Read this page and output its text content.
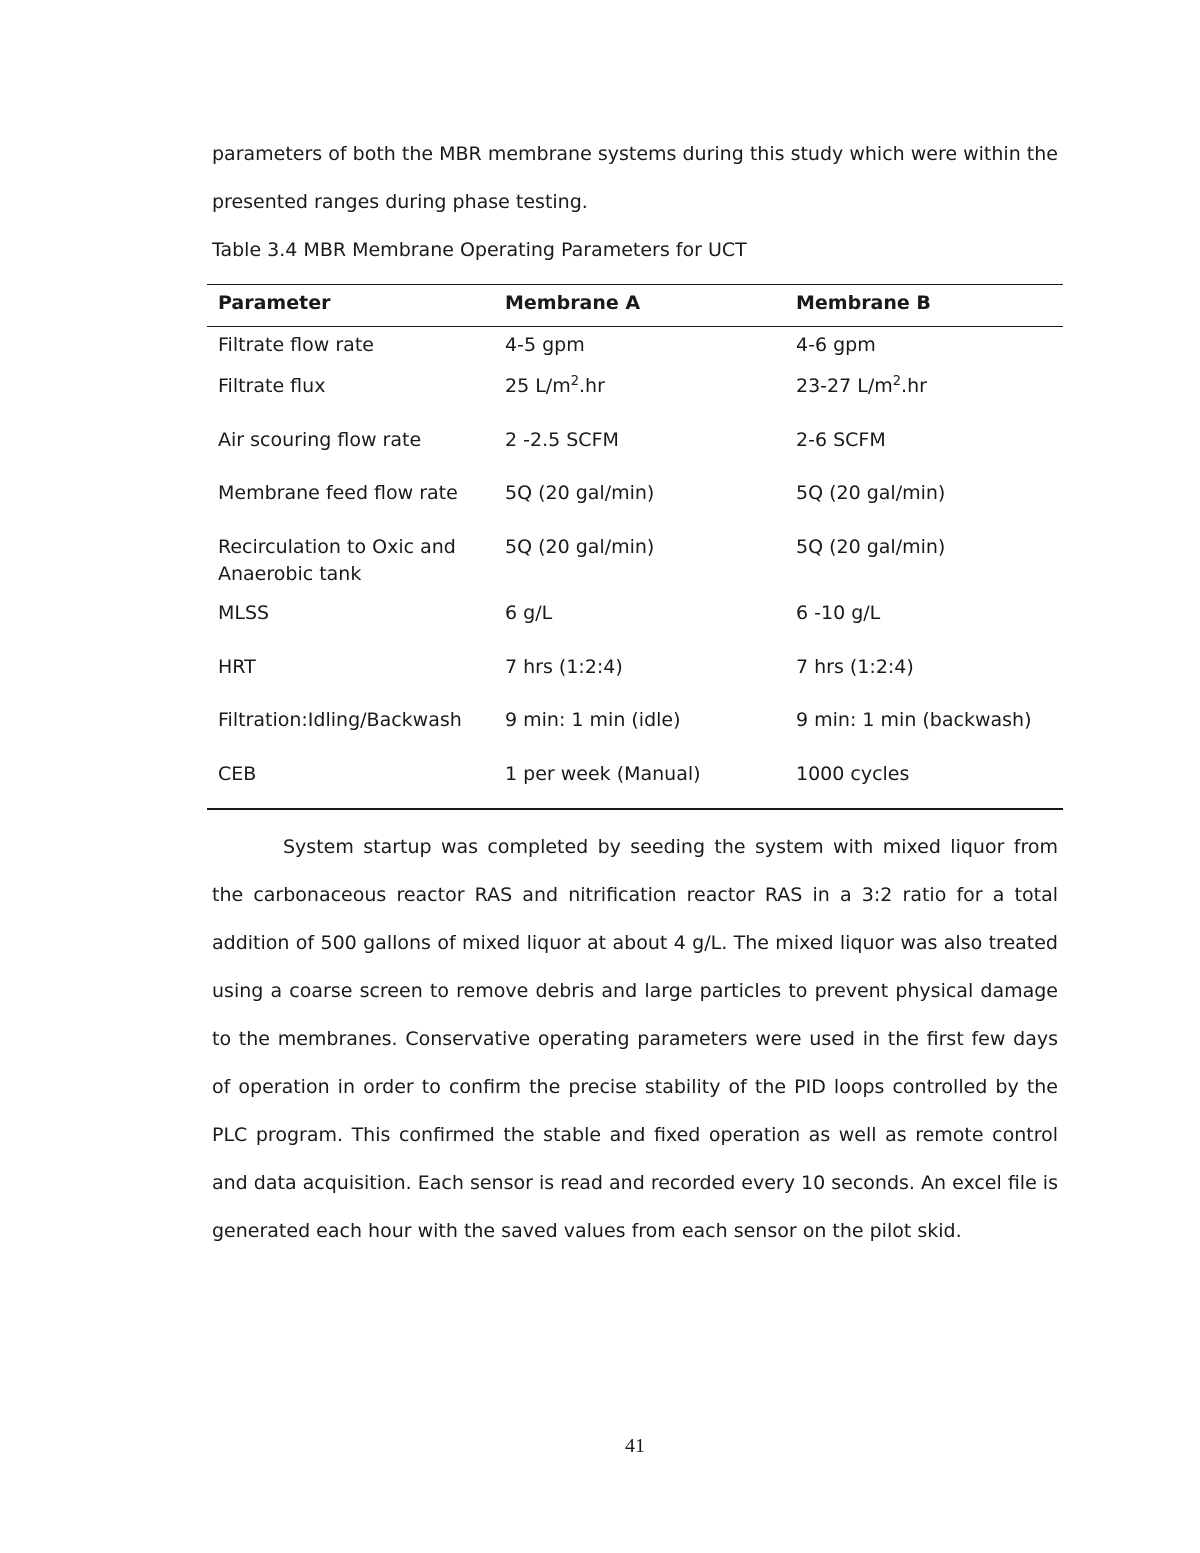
parameters of both the MBR membrane systems during this study which were within the presented ranges during phase testing.

Table 3.4 MBR Membrane Operating Parameters for UCT
Parameter	Membrane A	Membrane B
Filtrate flow rate	4-5 gpm	4-6 gpm
Filtrate flux	25 $L/m^2.hr$	23-27 $L/m^2.hr$
Air scouring flow rate	2 -2.5 SCFM	2-6 SCFM
Membrane feed flow rate 5Q (20 gal/min)	5Q (20 gal/min)
Recirculation to Oxic and	5Q (20 gal/min)	5Q (20 gal/min)
Anaerobic tank
MLSS	6 g/L	6 -10 g/L
HRT	7 hrs (1:2:4)	7 hrs (1:2:4)
Filtration:Idling/Backwash 9 min: 1 min (idle)	9 min: 1 min (backwash)
CEB	1 per week (Manual)	1000 cycles

System startup was completed by seeding the system with mixed liquor from the carbonaceous reactor RAS and nitrification reactor RAS in a 3:2 ratio for a total addition of 500 gallons of mixed liquor at about 4 g/L. The mixed liquor was also treated using a coarse screen to remove debris and large particles to prevent physical damage to the membranes. Conservative operating parameters were used in the first few days of operation in order to confirm the precise stability of the PID loops controlled by the PLC program. This confirmed the stable and fixed operation as well as remote control and data acquisition. Each sensor is read and recorded every 10 seconds. An excel file is generated each hour with the saved values from each sensor on the pilot skid.

41
